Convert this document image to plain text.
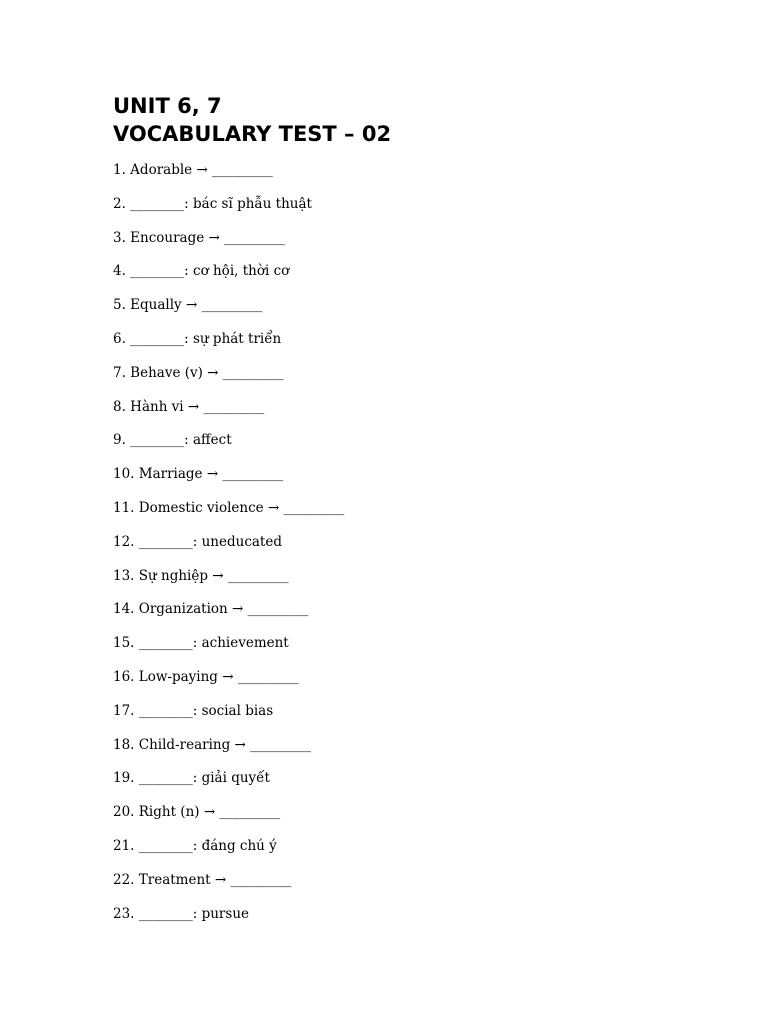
UNIT 6, 7
VOCABULARY TEST – 02
1. Adorable → _________
2. ________: bác sĩ phẫu thuật
3. Encourage → _________
4. ________: cơ hội, thời cơ
5. Equally → _________
6. ________: sự phát triển
7. Behave (v) → _________
8. Hành vi → _________
9. ________: affect
10. Marriage → _________
11. Domestic violence → _________
12. ________: uneducated
13. Sự nghiệp → _________
14. Organization → _________
15. ________: achievement
16. Low-paying → _________
17. ________: social bias
18. Child-rearing → _________
19. ________: giải quyết
20. Right (n) → _________
21. ________: đáng chú ý
22. Treatment → _________
23. ________: pursue
